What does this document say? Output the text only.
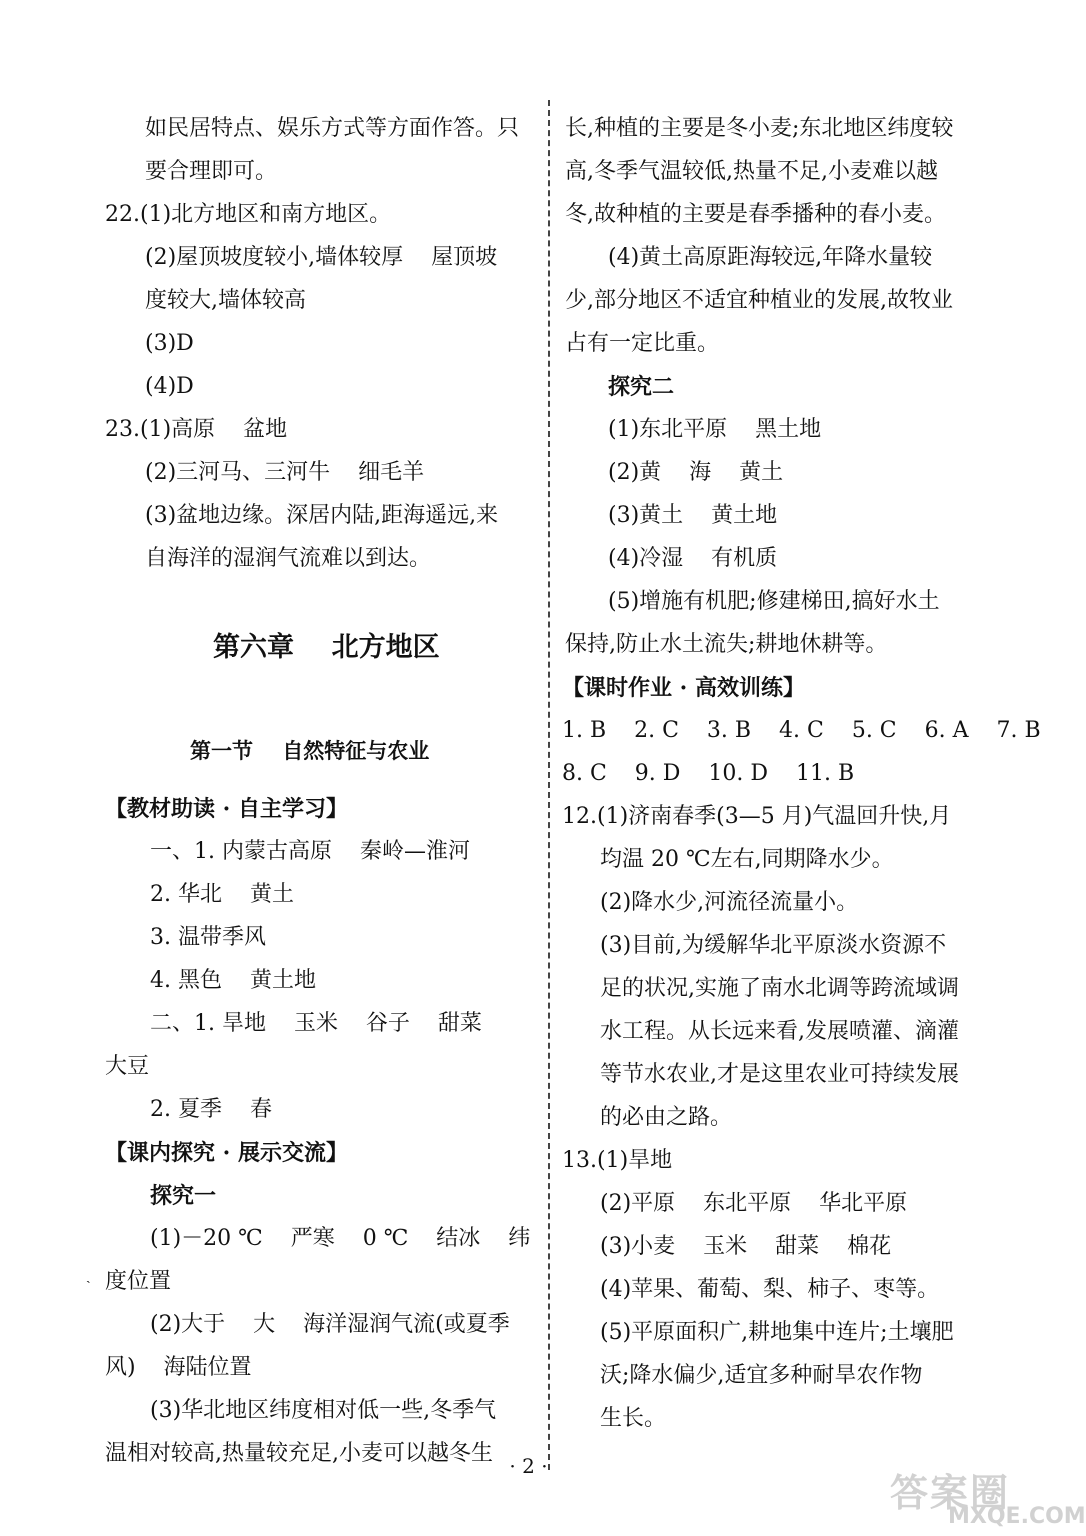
如民居特点、娱乐方式等方面作答。只
要合理即可。
22.(1)北方地区和南方地区。
(2)屋顶坡度较小,墙体较厚    屋顶坡
度较大,墙体较高
(3)D
(4)D
23.(1)高原    盆地
(2)三河马、三河牛    细毛羊
(3)盆地边缘。深居内陆,距海遥远,来
自海洋的湿润气流难以到达。
第六章    北方地区
第一节    自然特征与农业
【教材助读 · 自主学习】
一、1. 内蒙古高原    秦岭—淮河
2. 华北    黄土
3. 温带季风
4. 黑色    黄土地
二、1. 旱地    玉米    谷子    甜菜
大豆
2. 夏季    春
【课内探究 · 展示交流】
探究一
(1)－20 ℃    严寒    0 ℃    结冰    纬
ˎ 度位置
(2)大于    大    海洋湿润气流(或夏季
风)    海陆位置
(3)华北地区纬度相对低一些,冬季气
温相对较高,热量较充足,小麦可以越冬生
长,种植的主要是冬小麦;东北地区纬度较
高,冬季气温较低,热量不足,小麦难以越
冬,故种植的主要是春季播种的春小麦。
(4)黄土高原距海较远,年降水量较
少,部分地区不适宜种植业的发展,故牧业
占有一定比重。
探究二
(1)东北平原    黑土地
(2)黄    海    黄土
(3)黄土    黄土地
(4)冷湿    有机质
(5)增施有机肥;修建梯田,搞好水土
保持,防止水土流失;耕地休耕等。
【课时作业 · 高效训练】
1. B    2. C    3. B    4. C    5. C    6. A    7. B
8. C    9. D    10. D    11. B
12.(1)济南春季(3—5 月)气温回升快,月
均温 20 ℃左右,同期降水少。
(2)降水少,河流径流量小。
(3)目前,为缓解华北平原淡水资源不
足的状况,实施了南水北调等跨流域调
水工程。从长远来看,发展喷灌、滴灌
等节水农业,才是这里农业可持续发展
的必由之路。
13.(1)旱地
(2)平原    东北平原    华北平原
(3)小麦    玉米    甜菜    棉花
(4)苹果、葡萄、梨、柿子、枣等。
(5)平原面积广,耕地集中连片;土壤肥
沃;降水偏少,适宜多种耐旱农作物
生长。
· 2 ·
答案圈
MXQE.COM
